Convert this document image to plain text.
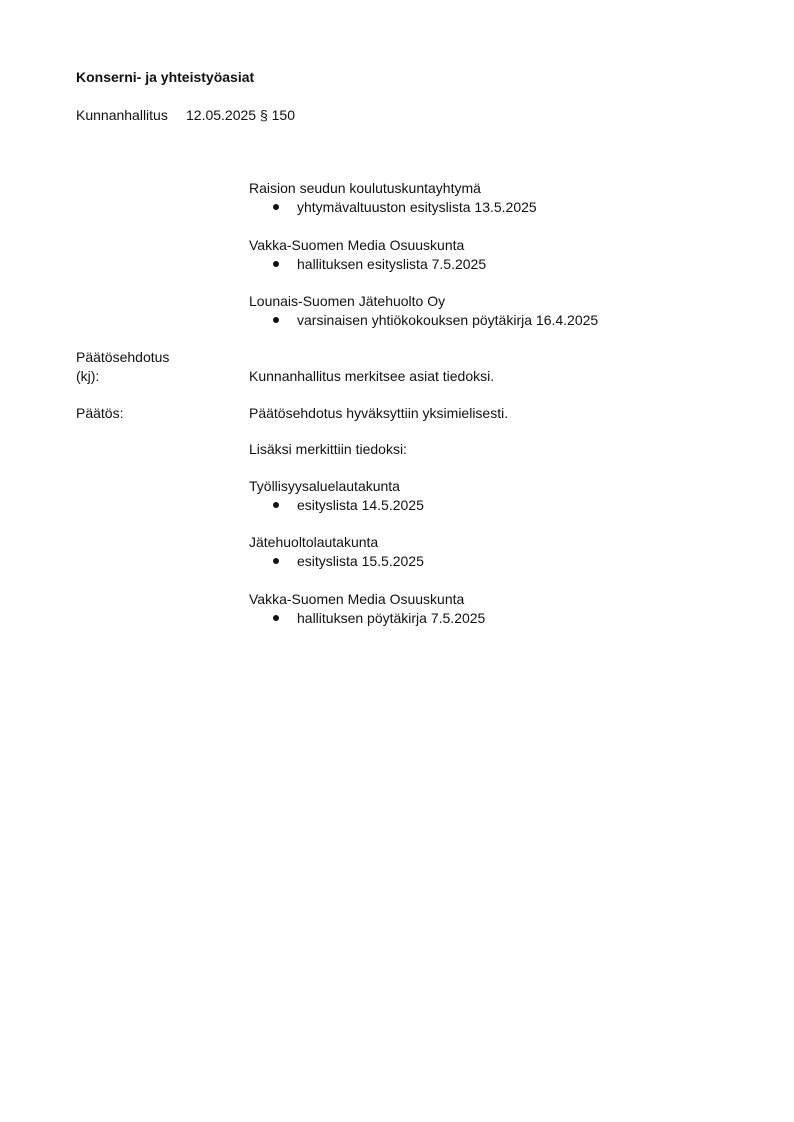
Konserni- ja yhteistyöasiat
Kunnanhallitus 12.05.2025 § 150
Raision seudun koulutuskuntayhtymä
yhtymävaltuuston esityslista 13.5.2025
Vakka-Suomen Media Osuuskunta
hallituksen esityslista 7.5.2025
Lounais-Suomen Jätehuolto Oy
varsinaisen yhtiökokouksen pöytäkirja 16.4.2025
Päätösehdotus
(kj):	Kunnanhallitus merkitsee asiat tiedoksi.
Päätös:	Päätösehdotus hyväksyttiin yksimielisesti.
Lisäksi merkittiin tiedoksi:
Työllisyysaluelautakunta
esityslista 14.5.2025
Jätehuoltolautakunta
esityslista 15.5.2025
Vakka-Suomen Media Osuuskunta
hallituksen pöytäkirja 7.5.2025
